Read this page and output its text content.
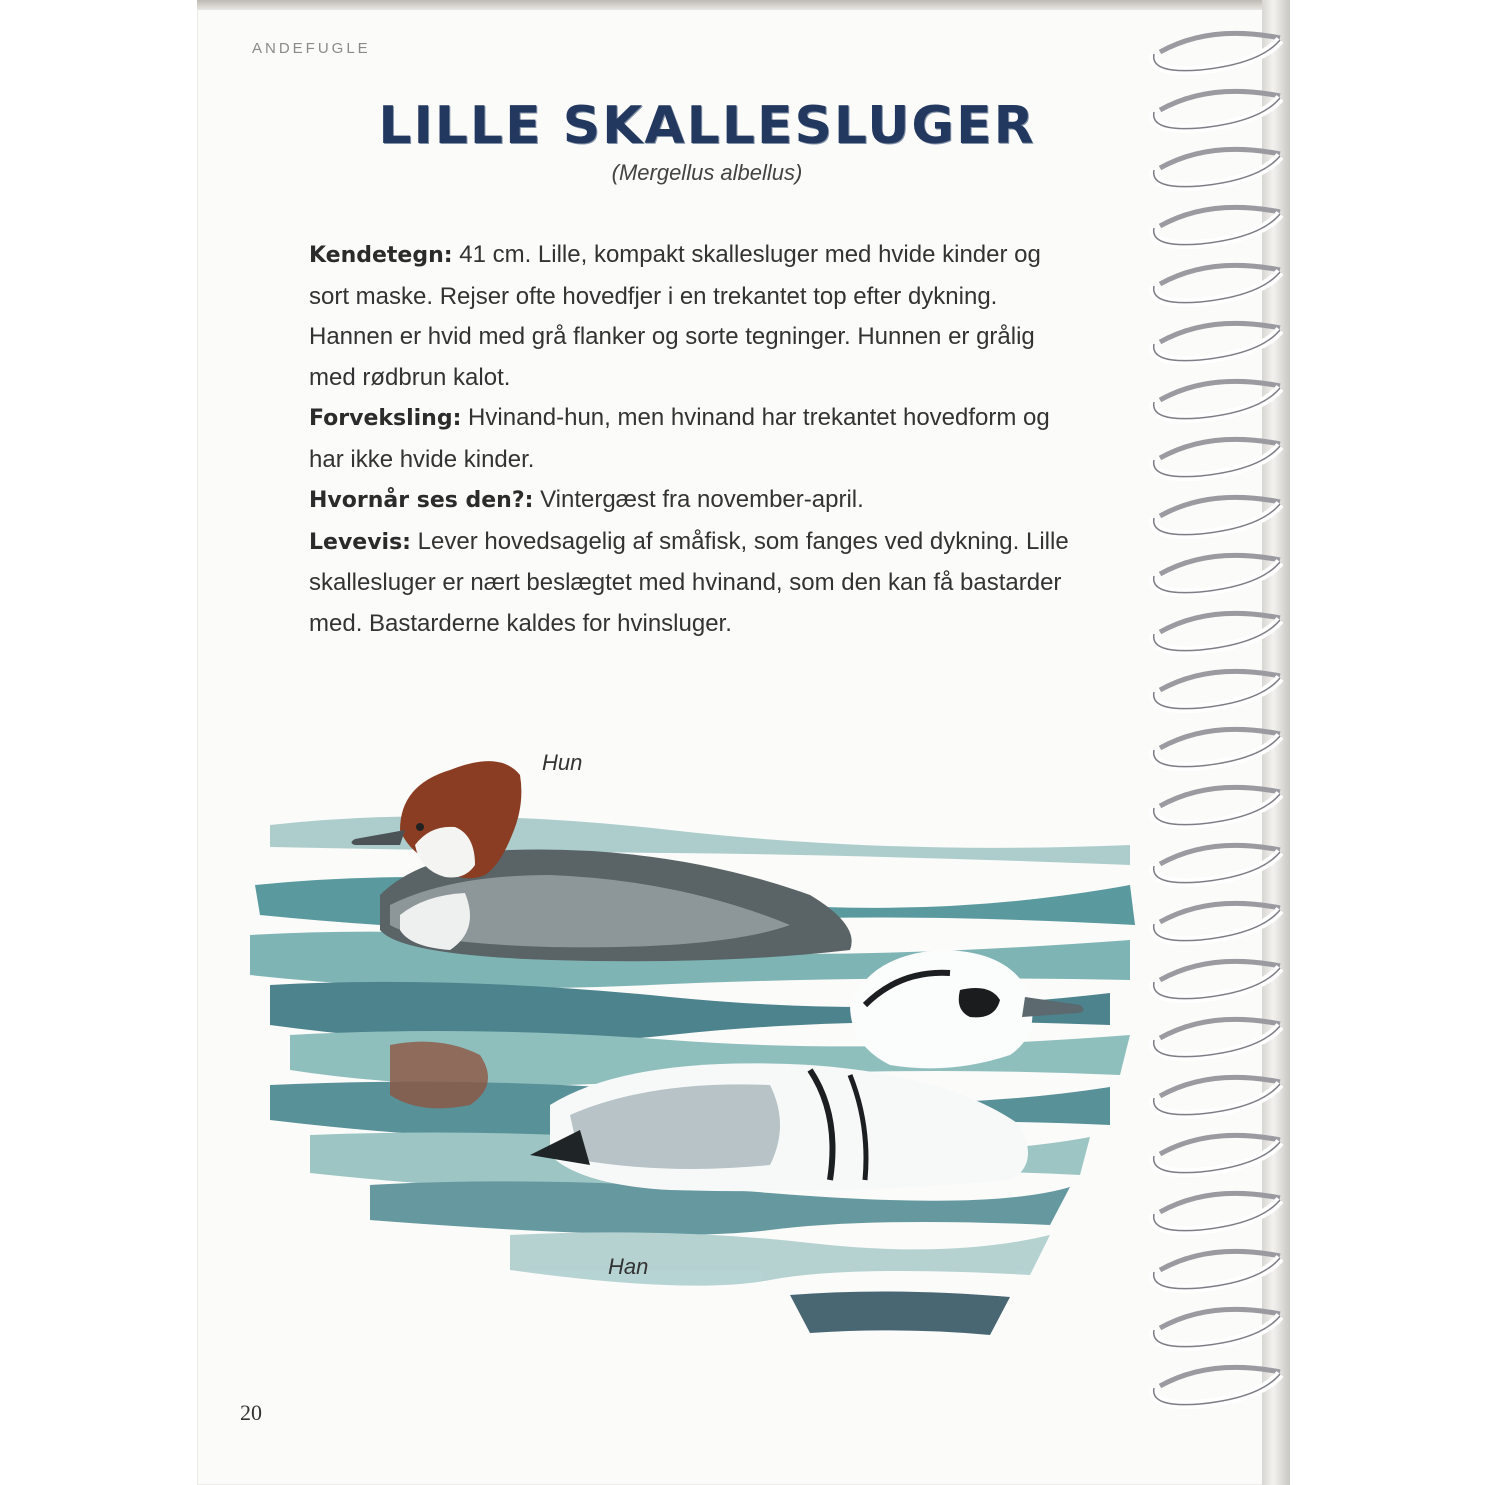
ANDEFUGLE
LILLE SKALLESLUGER
(Mergellus albellus)

Kendetegn: 41 cm. Lille, kompakt skallesluger med hvide kinder og sort maske. Rejser ofte hovedfjer i en trekantet top efter dykning. Hannen er hvid med grå flanker og sorte tegninger. Hunnen er grålig med rødbrun kalot.

Forveksling: Hvinand-hun, men hvinand har trekantet hovedform og har ikke hvide kinder.

Hvornår ses den?: Vintergæst fra november-april.

Levevis: Lever hovedsagelig af småfisk, som fanges ved dykning. Lille skallesluger er nært beslægtet med hvinand, som den kan få bastarder med. Bastarderne kaldes for hvinsluger.

Hun
Han
20
